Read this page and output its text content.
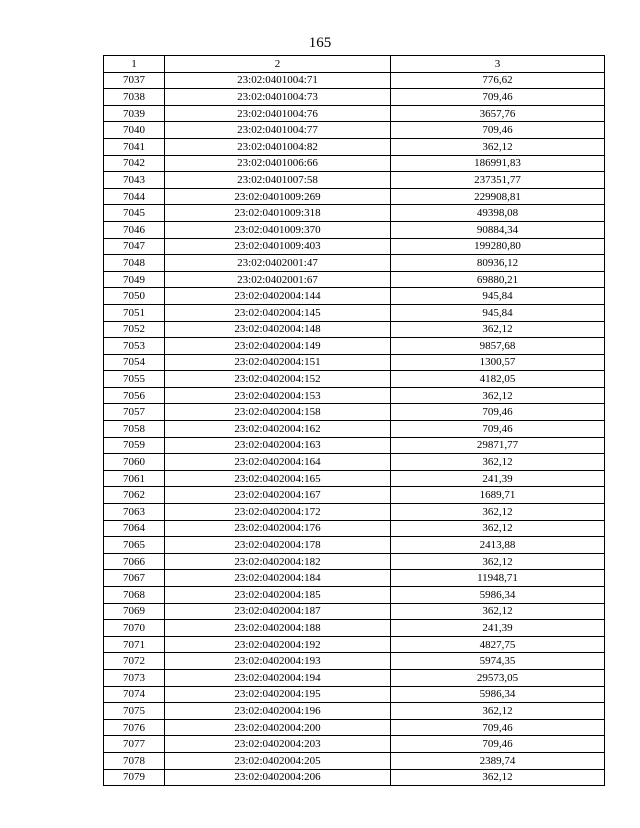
165
1	2	3
7037	23:02:0401004:71	776,62
7038	23:02:0401004:73	709,46
7039	23:02:0401004:76	3657,76
7040	23:02:0401004:77	709,46
7041	23:02:0401004:82	362,12
7042	23:02:0401006:66	186991,83
7043	23:02:0401007:58	237351,77
7044	23:02:0401009:269	229908,81
7045	23:02:0401009:318	49398,08
7046	23:02:0401009:370	90884,34
7047	23:02:0401009:403	199280,80
7048	23:02:0402001:47	80936,12
7049	23:02:0402001:67	69880,21
7050	23:02:0402004:144	945,84
7051	23:02:0402004:145	945,84
7052	23:02:0402004:148	362,12
7053	23:02:0402004:149	9857,68
7054	23:02:0402004:151	1300,57
7055	23:02:0402004:152	4182,05
7056	23:02:0402004:153	362,12
7057	23:02:0402004:158	709,46
7058	23:02:0402004:162	709,46
7059	23:02:0402004:163	29871,77
7060	23:02:0402004:164	362,12
7061	23:02:0402004:165	241,39
7062	23:02:0402004:167	1689,71
7063	23:02:0402004:172	362,12
7064	23:02:0402004:176	362,12
7065	23:02:0402004:178	2413,88
7066	23:02:0402004:182	362,12
7067	23:02:0402004:184	11948,71
7068	23:02:0402004:185	5986,34
7069	23:02:0402004:187	362,12
7070	23:02:0402004:188	241,39
7071	23:02:0402004:192	4827,75
7072	23:02:0402004:193	5974,35
7073	23:02:0402004:194	29573,05
7074	23:02:0402004:195	5986,34
7075	23:02:0402004:196	362,12
7076	23:02:0402004:200	709,46
7077	23:02:0402004:203	709,46
7078	23:02:0402004:205	2389,74
7079	23:02:0402004:206	362,12
